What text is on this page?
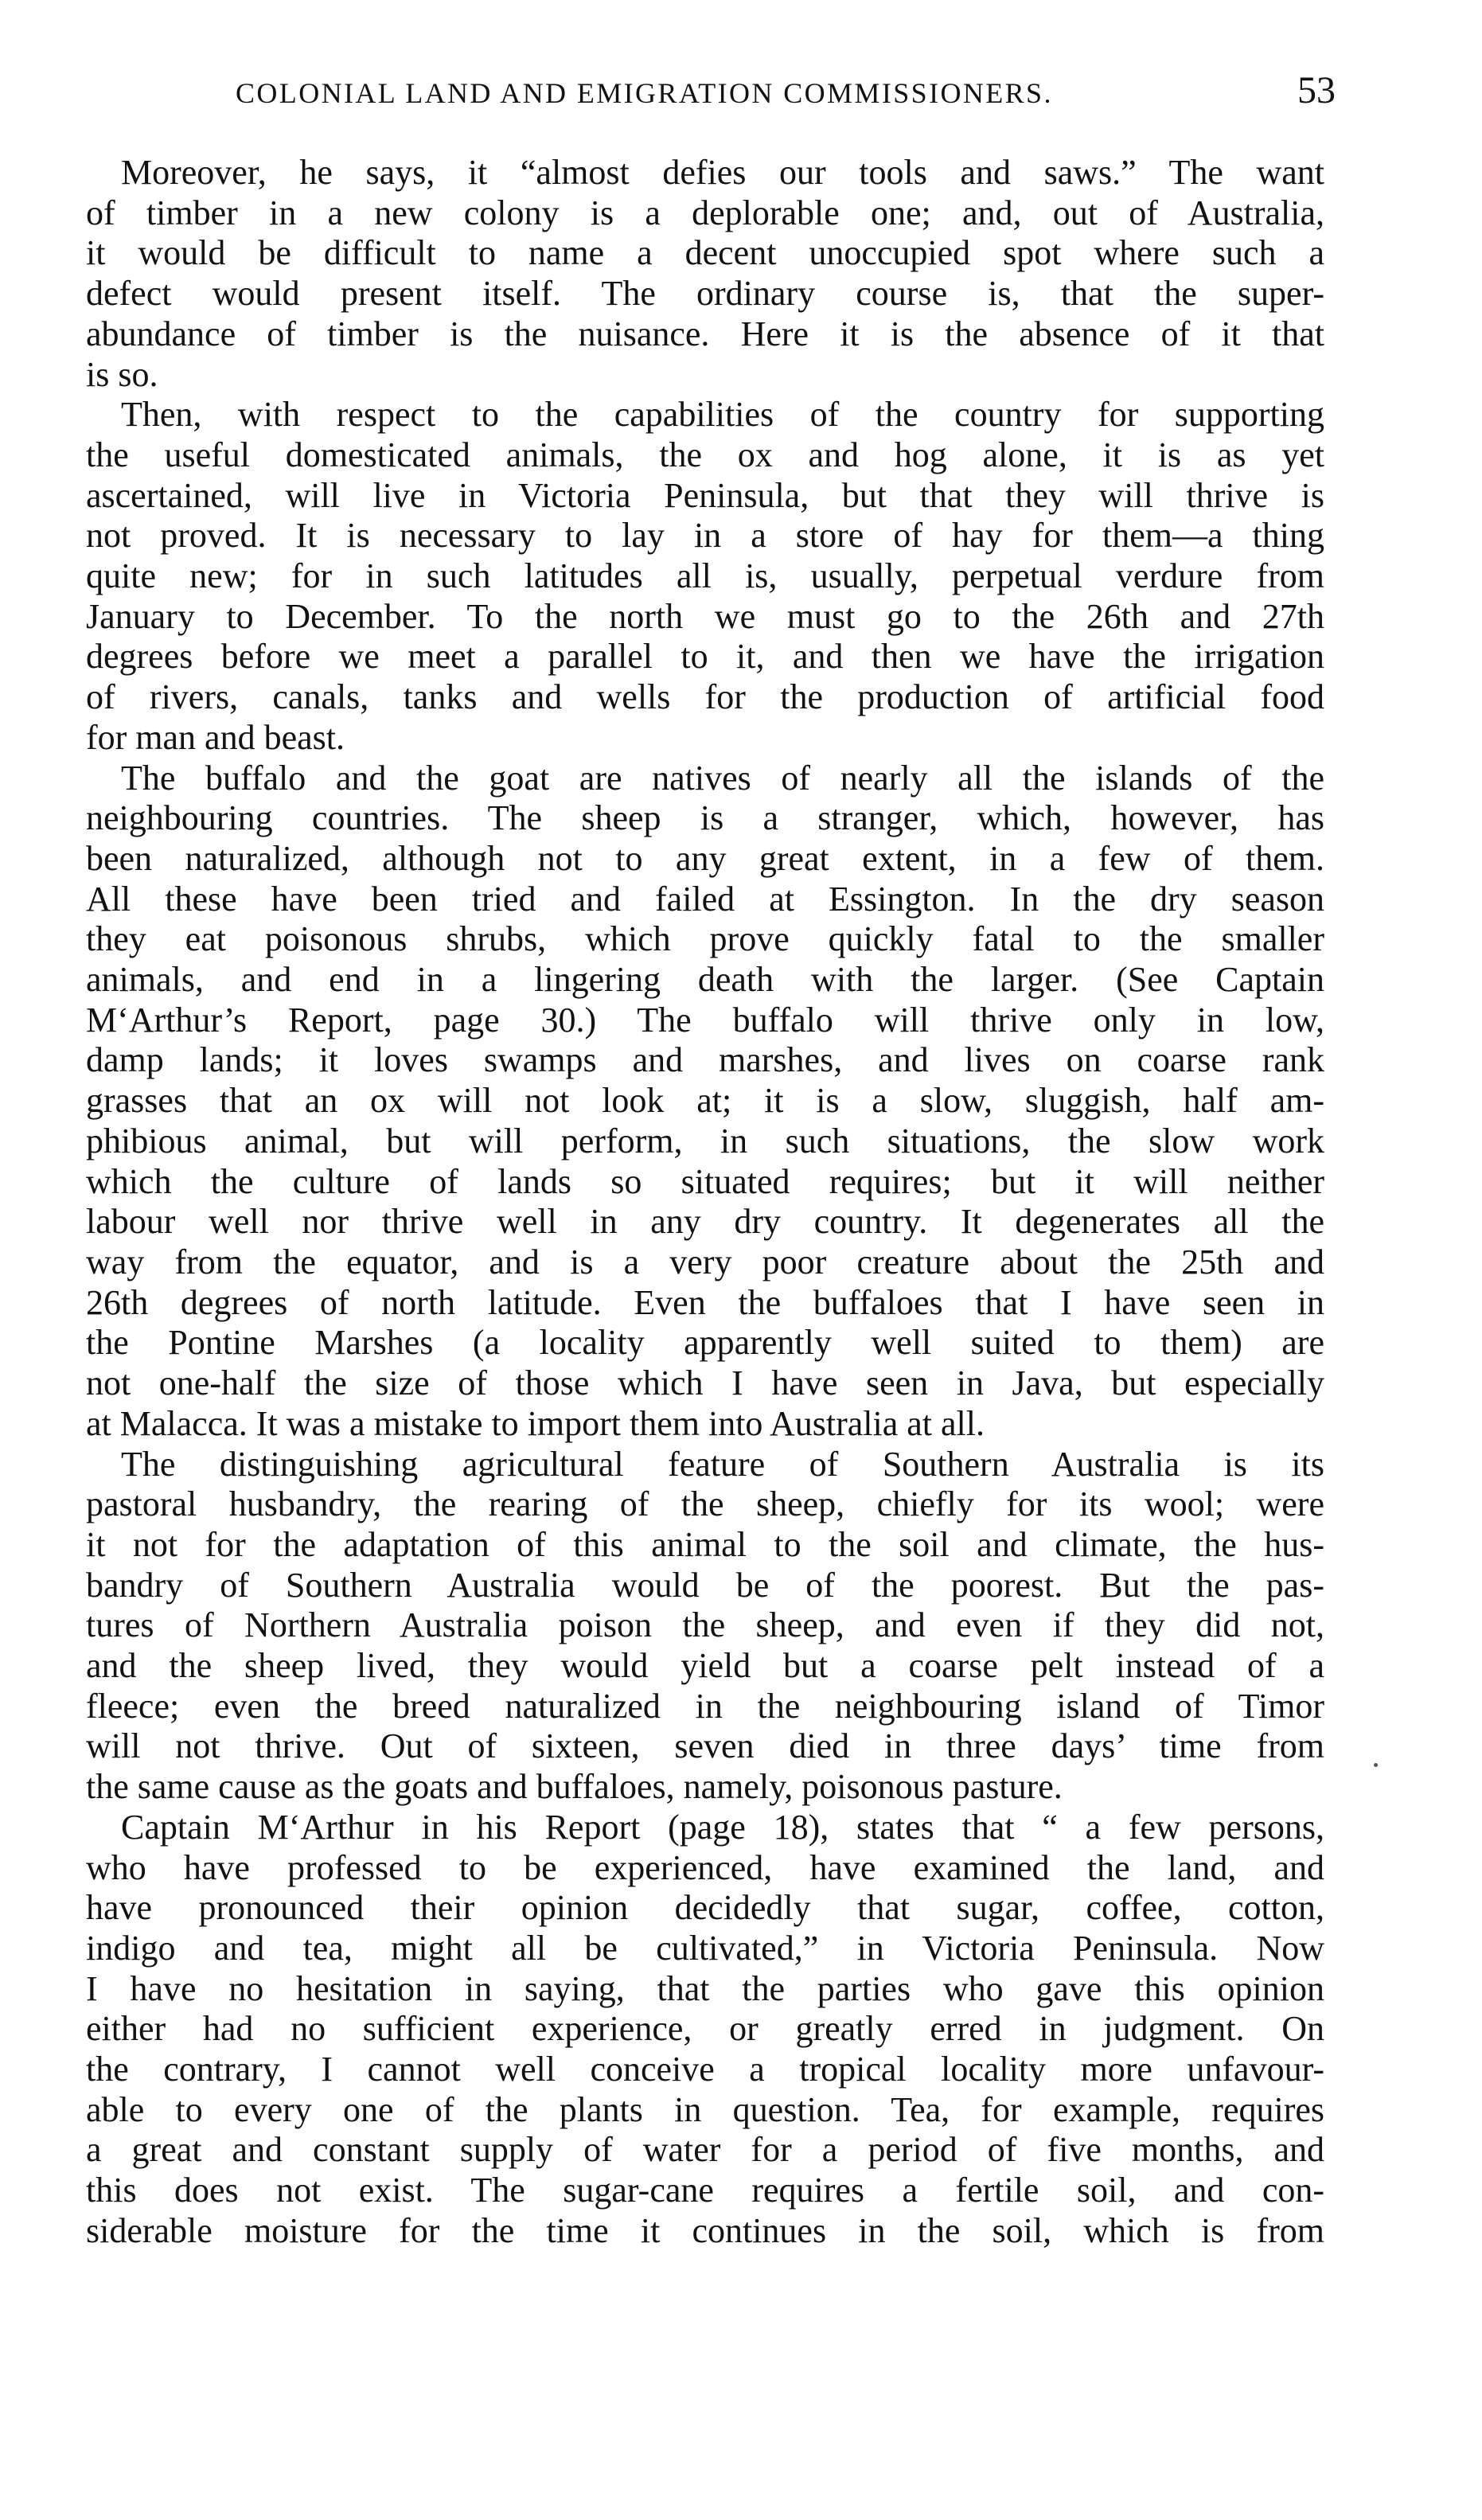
COLONIAL LAND AND EMIGRATION COMMISSIONERS.	53

Moreover, he says, it “almost defies our tools and saws.” The want
of timber in a new colony is a deplorable one; and, out of Australia,
it would be difficult to name a decent unoccupied spot where such a
defect would present itself. The ordinary course is, that the super-
abundance of timber is the nuisance. Here it is the absence of it that
is so.

Then, with respect to the capabilities of the country for supporting
the useful domesticated animals, the ox and hog alone, it is as yet
ascertained, will live in Victoria Peninsula, but that they will thrive is
not proved. It is necessary to lay in a store of hay for them—a thing
quite new; for in such latitudes all is, usually, perpetual verdure from
January to December. To the north we must go to the 26th and 27th
degrees before we meet a parallel to it, and then we have the irrigation
of rivers, canals, tanks and wells for the production of artificial food
for man and beast.

The buffalo and the goat are natives of nearly all the islands of the
neighbouring countries. The sheep is a stranger, which, however, has
been naturalized, although not to any great extent, in a few of them.
All these have been tried and failed at Essington. In the dry season
they eat poisonous shrubs, which prove quickly fatal to the smaller
animals, and end in a lingering death with the larger. (See Captain
M‘Arthur’s Report, page 30.) The buffalo will thrive only in low,
damp lands; it loves swamps and marshes, and lives on coarse rank
grasses that an ox will not look at; it is a slow, sluggish, half am-
phibious animal, but will perform, in such situations, the slow work
which the culture of lands so situated requires; but it will neither
labour well nor thrive well in any dry country. It degenerates all the
way from the equator, and is a very poor creature about the 25th and
26th degrees of north latitude. Even the buffaloes that I have seen in
the Pontine Marshes (a locality apparently well suited to them) are
not one-half the size of those which I have seen in Java, but especially
at Malacca. It was a mistake to import them into Australia at all.

The distinguishing agricultural feature of Southern Australia is its
pastoral husbandry, the rearing of the sheep, chiefly for its wool; were
it not for the adaptation of this animal to the soil and climate, the hus-
bandry of Southern Australia would be of the poorest. But the pas-
tures of Northern Australia poison the sheep, and even if they did not,
and the sheep lived, they would yield but a coarse pelt instead of a
fleece; even the breed naturalized in the neighbouring island of Timor
will not thrive. Out of sixteen, seven died in three days’ time from
the same cause as the goats and buffaloes, namely, poisonous pasture.

Captain M‘Arthur in his Report (page 18), states that “ a few persons,
who have professed to be experienced, have examined the land, and
have pronounced their opinion decidedly that sugar, coffee, cotton,
indigo and tea, might all be cultivated,” in Victoria Peninsula. Now
I have no hesitation in saying, that the parties who gave this opinion
either had no sufficient experience, or greatly erred in judgment. On
the contrary, I cannot well conceive a tropical locality more unfavour-
able to every one of the plants in question. Tea, for example, requires
a great and constant supply of water for a period of five months, and
this does not exist. The sugar-cane requires a fertile soil, and con-
siderable moisture for the time it continues in the soil, which is from
